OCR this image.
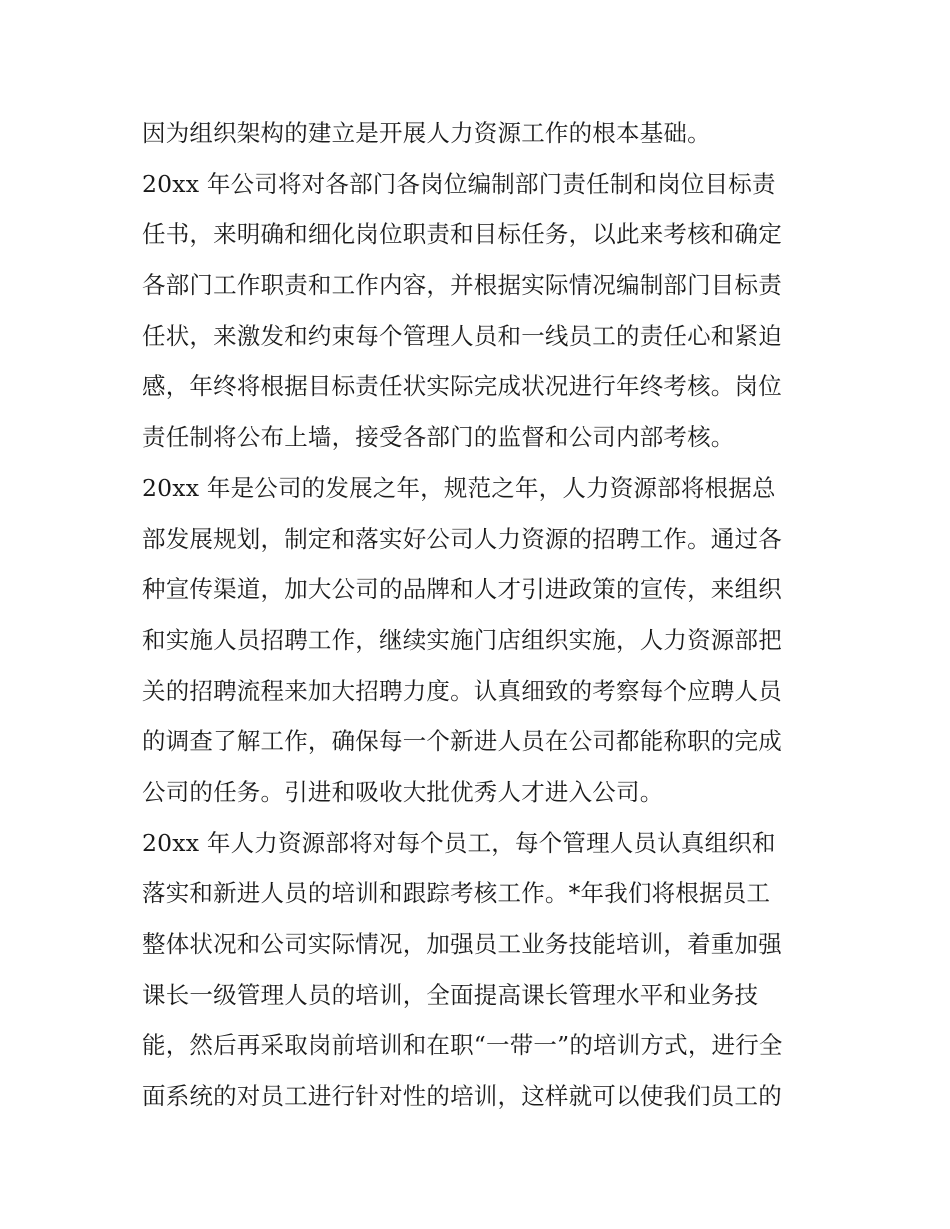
因为组织架构的建立是开展人力资源工作的根本基础。
20xx 年公司将对各部门各岗位编制部门责任制和岗位目标责
任书，来明确和细化岗位职责和目标任务，以此来考核和确定
各部门工作职责和工作内容，并根据实际情况编制部门目标责
任状，来激发和约束每个管理人员和一线员工的责任心和紧迫
感，年终将根据目标责任状实际完成状况进行年终考核。岗位
责任制将公布上墙，接受各部门的监督和公司内部考核。
20xx 年是公司的发展之年，规范之年，人力资源部将根据总
部发展规划，制定和落实好公司人力资源的招聘工作。通过各
种宣传渠道，加大公司的品牌和人才引进政策的宣传，来组织
和实施人员招聘工作，继续实施门店组织实施，人力资源部把
关的招聘流程来加大招聘力度。认真细致的考察每个应聘人员
的调查了解工作，确保每一个新进人员在公司都能称职的完成
公司的任务。引进和吸收大批优秀人才进入公司。
20xx 年人力资源部将对每个员工，每个管理人员认真组织和
落实和新进人员的培训和跟踪考核工作。*年我们将根据员工
整体状况和公司实际情况，加强员工业务技能培训，着重加强
课长一级管理人员的培训，全面提高课长管理水平和业务技
能，然后再采取岗前培训和在职“一带一”的培训方式，进行全
面系统的对员工进行针对性的培训，这样就可以使我们员工的
